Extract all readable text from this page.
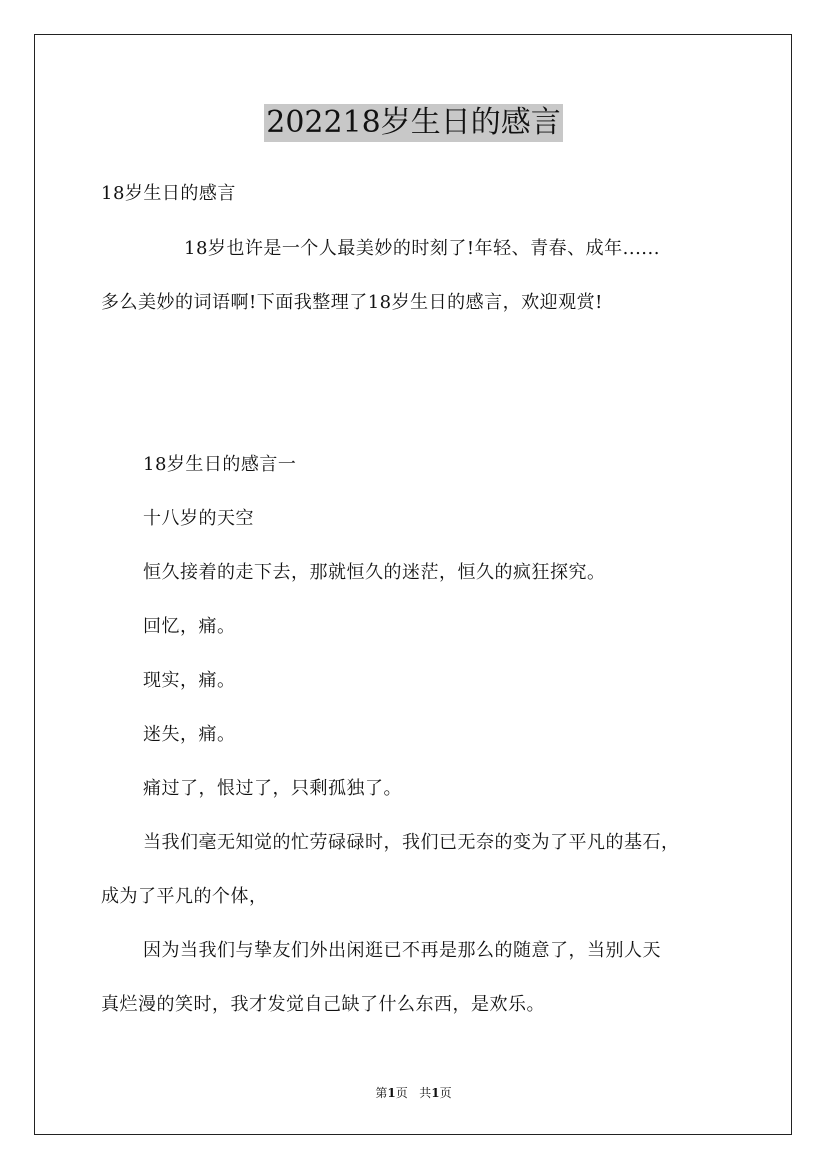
202218岁生日的感言
18岁生日的感言
18岁也许是一个人最美妙的时刻了!年轻、青春、成年......
多么美妙的词语啊!下面我整理了18岁生日的感言，欢迎观赏!
18岁生日的感言一
十八岁的天空
恒久接着的走下去，那就恒久的迷茫，恒久的疯狂探究。
回忆，痛。
现实，痛。
迷失，痛。
痛过了，恨过了，只剩孤独了。
当我们毫无知觉的忙劳碌碌时，我们已无奈的变为了平凡的基石，
成为了平凡的个体，
因为当我们与挚友们外出闲逛已不再是那么的随意了，当别人天
真烂漫的笑时，我才发觉自己缺了什么东西，是欢乐。
第1页 共1页
